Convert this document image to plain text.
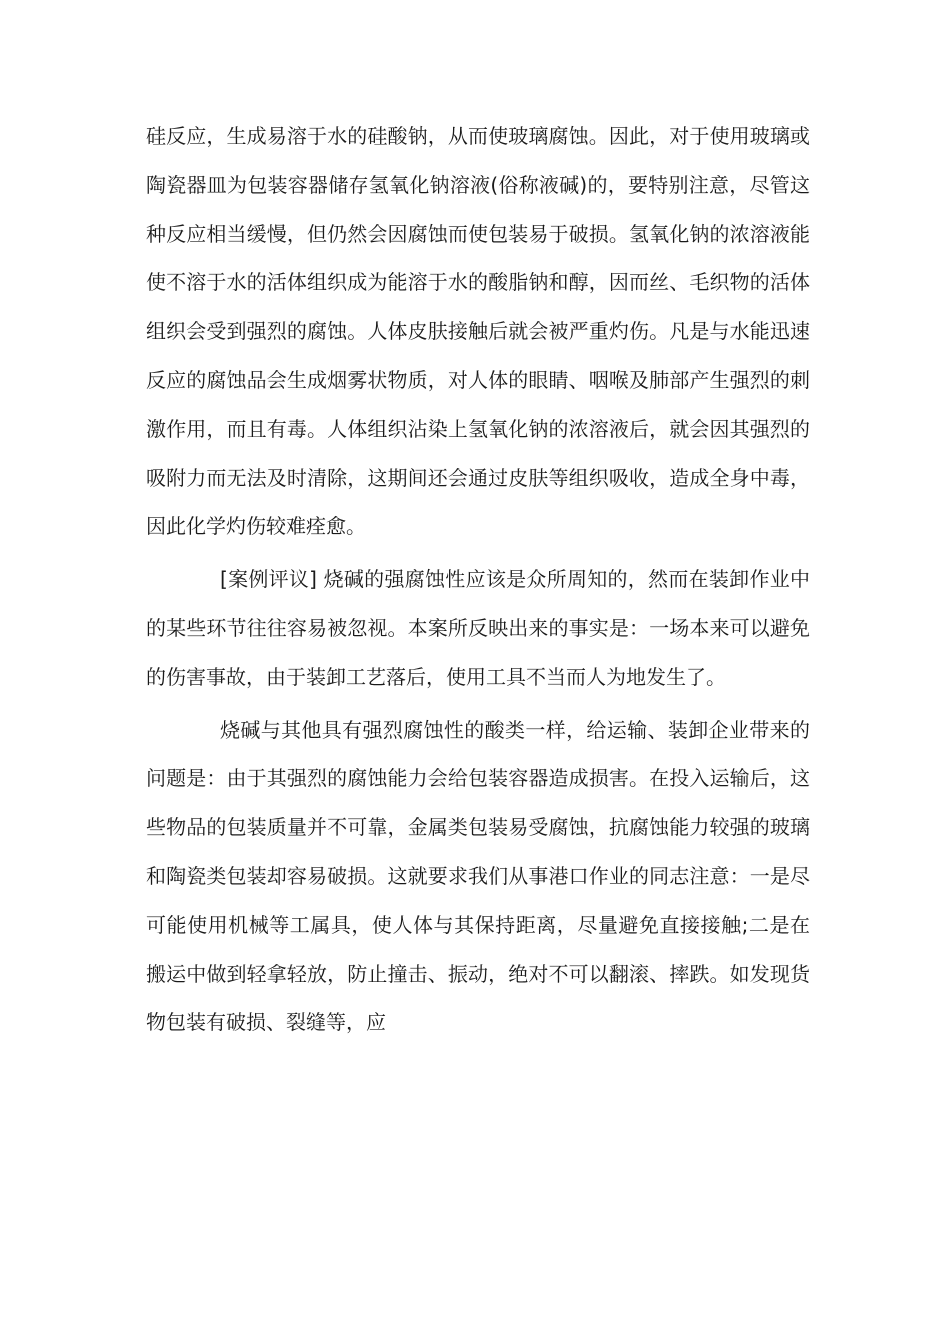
硅反应，生成易溶于水的硅酸钠，从而使玻璃腐蚀。因此，对于使用玻璃或陶瓷器皿为包装容器储存氢氧化钠溶液(俗称液碱)的，要特别注意，尽管这种反应相当缓慢，但仍然会因腐蚀而使包装易于破损。氢氧化钠的浓溶液能使不溶于水的活体组织成为能溶于水的酸脂钠和醇，因而丝、毛织物的活体组织会受到强烈的腐蚀。人体皮肤接触后就会被严重灼伤。凡是与水能迅速反应的腐蚀品会生成烟雾状物质，对人体的眼睛、咽喉及肺部产生强烈的刺激作用，而且有毒。人体组织沾染上氢氧化钠的浓溶液后，就会因其强烈的吸附力而无法及时清除，这期间还会通过皮肤等组织吸收，造成全身中毒，因此化学灼伤较难痊愈。

[案例评议] 烧碱的强腐蚀性应该是众所周知的，然而在装卸作业中的某些环节往往容易被忽视。本案所反映出来的事实是：一场本来可以避免的伤害事故，由于装卸工艺落后，使用工具不当而人为地发生了。

烧碱与其他具有强烈腐蚀性的酸类一样，给运输、装卸企业带来的问题是：由于其强烈的腐蚀能力会给包装容器造成损害。在投入运输后，这些物品的包装质量并不可靠，金属类包装易受腐蚀，抗腐蚀能力较强的玻璃和陶瓷类包装却容易破损。这就要求我们从事港口作业的同志注意：一是尽可能使用机械等工属具，使人体与其保持距离，尽量避免直接接触;二是在搬运中做到轻拿轻放，防止撞击、振动，绝对不可以翻滚、摔跌。如发现货物包装有破损、裂缝等，应
